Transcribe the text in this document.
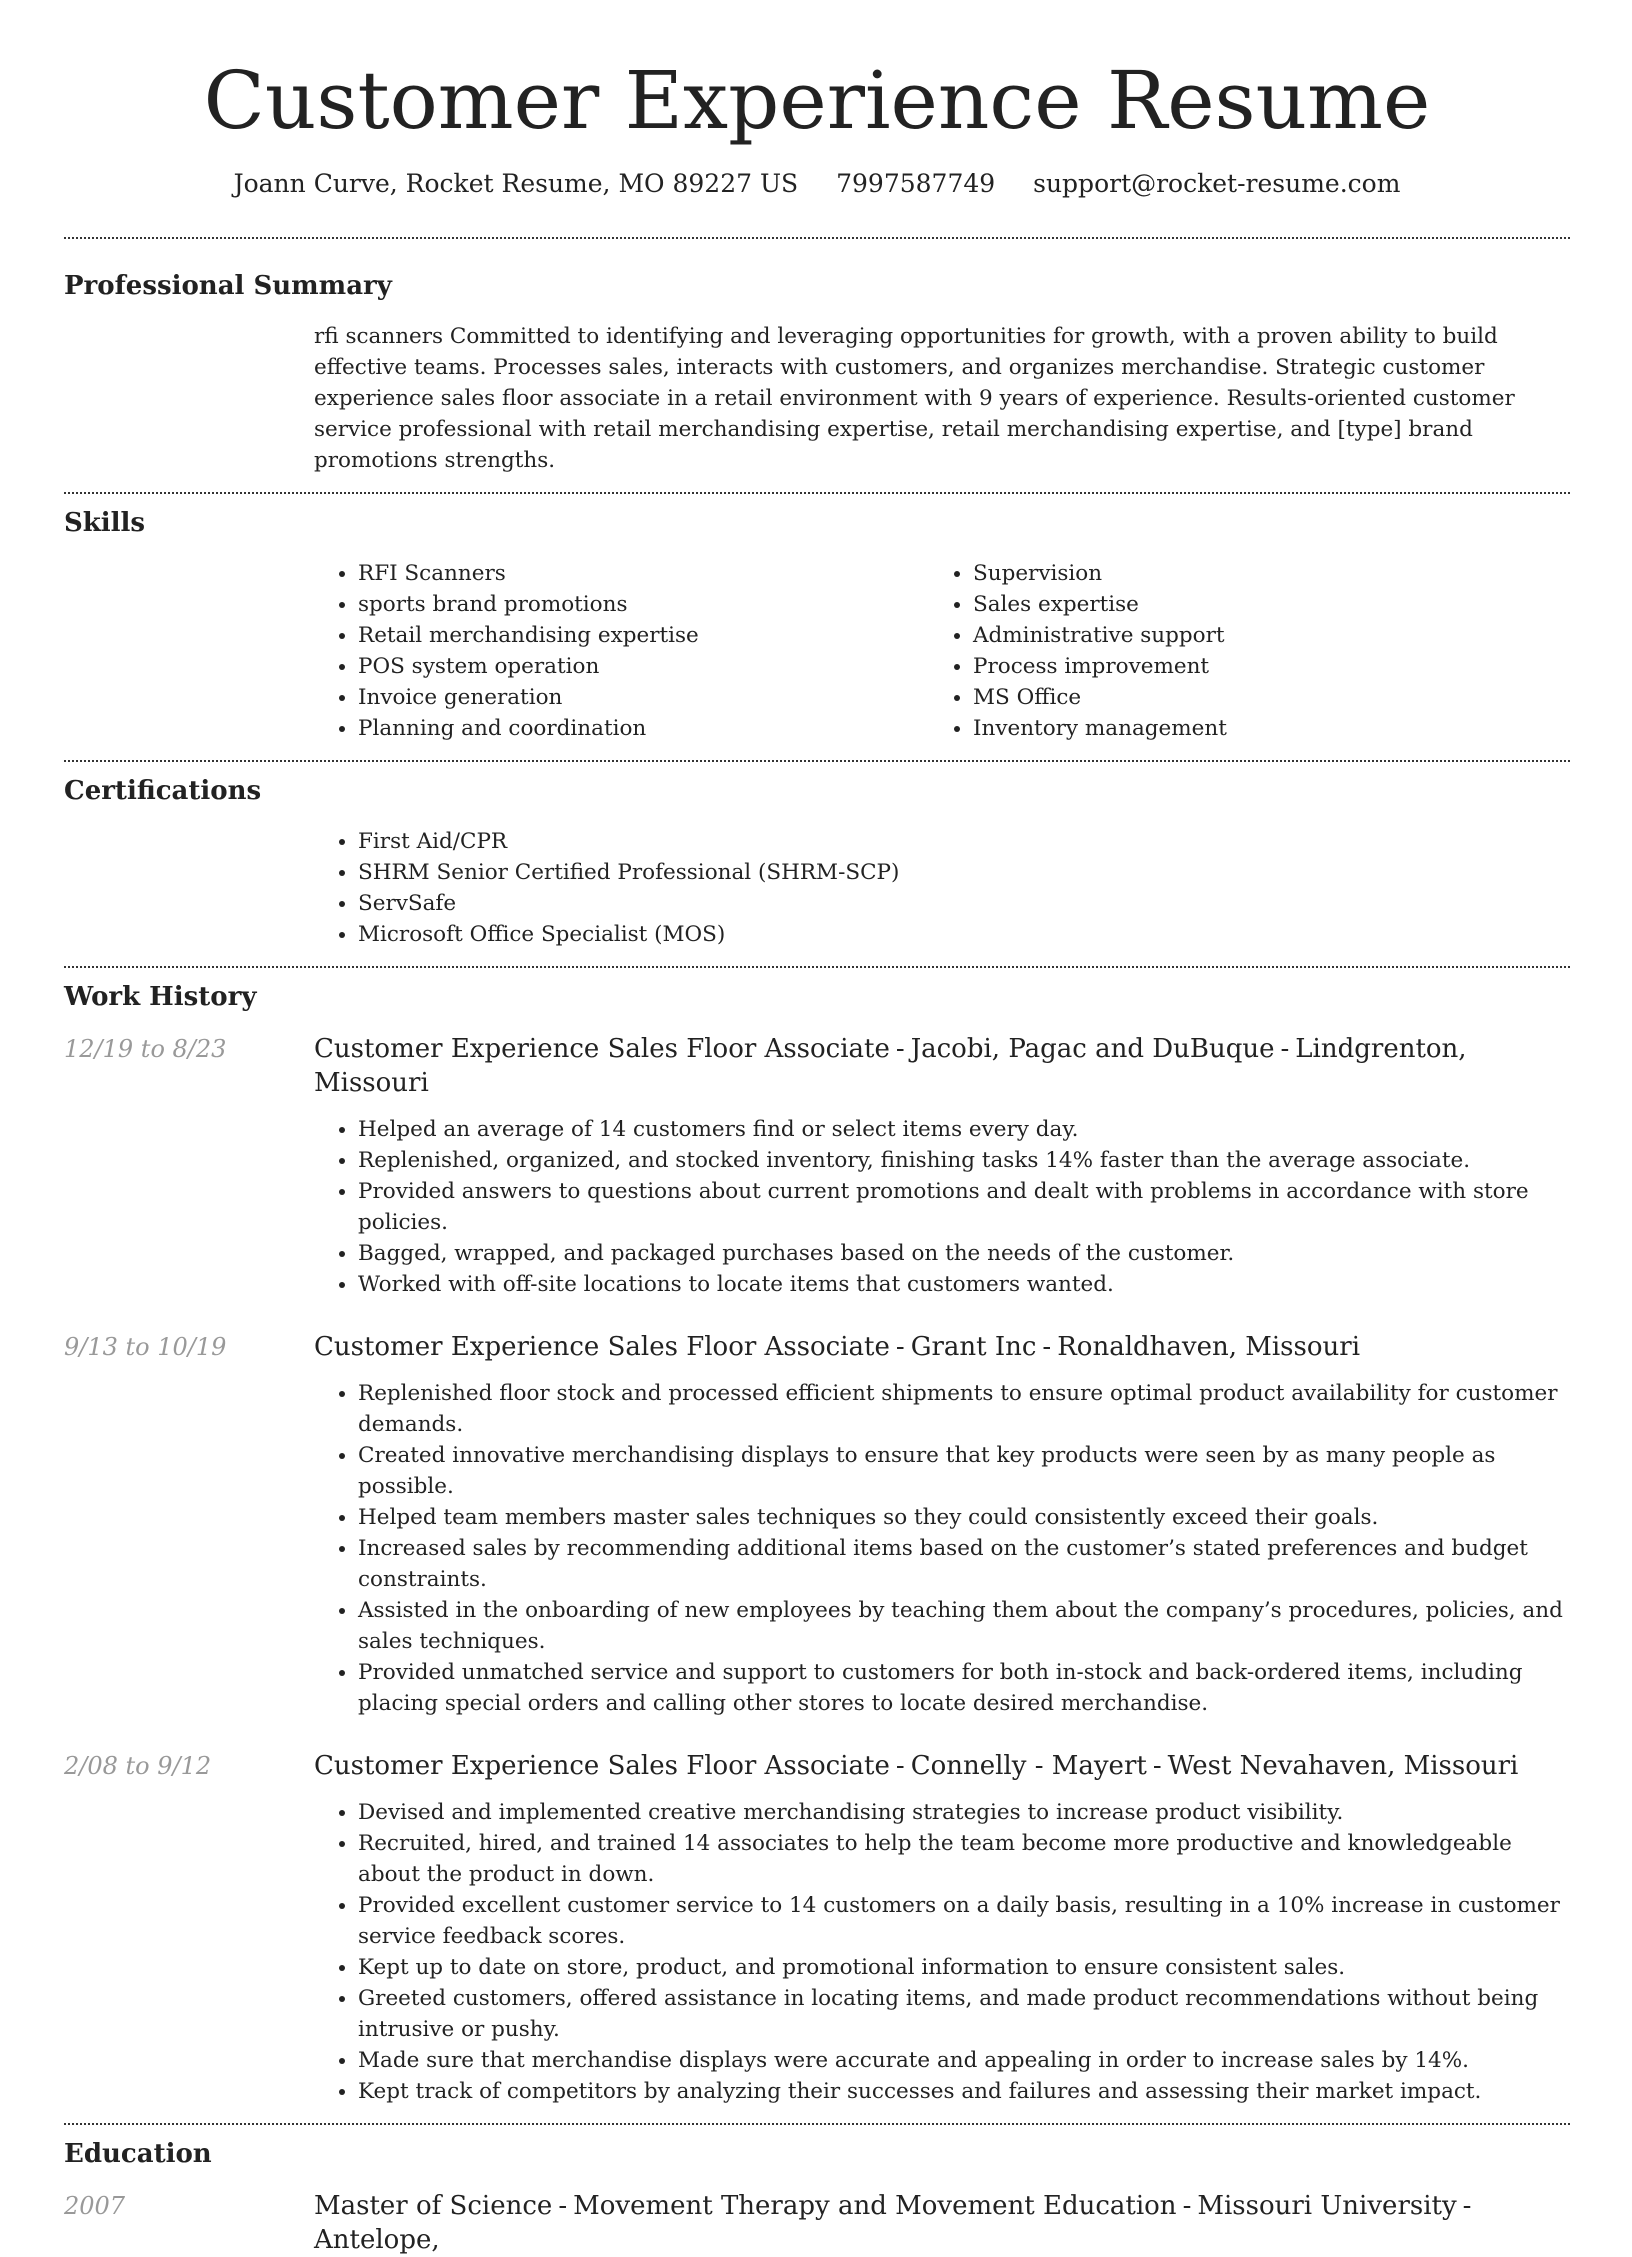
Customer Experience Resume
Joann Curve, Rocket Resume, MO 89227 US 7997587749 support@rocket-resume.com
Professional Summary

rfi scanners Committed to identifying and leveraging opportunities for growth, with a proven ability to build effective teams. Processes sales, interacts with customers, and organizes merchandise. Strategic customer experience sales floor associate in a retail environment with 9 years of experience. Results-oriented customer service professional with retail merchandising expertise, retail merchandising expertise, and [type] brand promotions strengths.

Skills
• RFI Scanners
• sports brand promotions
• Retail merchandising expertise
• POS system operation
• Invoice generation
• Planning and coordination
• Supervision
• Sales expertise
• Administrative support
• Process improvement
• MS Office
• Inventory management
Certifications
• First Aid/CPR
• SHRM Senior Certified Professional (SHRM-SCP)
• ServSafe
• Microsoft Office Specialist (MOS)
Work History
12/19 to 8/23	Customer Experience Sales Floor Associate - Jacobi, Pagac and DuBuque - Lindgrenton, Missouri
• Helped an average of 14 customers find or select items every day.
• Replenished, organized, and stocked inventory, finishing tasks 14% faster than the average associate.
• Provided answers to questions about current promotions and dealt with problems in accordance with store policies.
• Bagged, wrapped, and packaged purchases based on the needs of the customer.
• Worked with off-site locations to locate items that customers wanted.
9/13 to 10/19	Customer Experience Sales Floor Associate - Grant Inc - Ronaldhaven, Missouri
• Replenished floor stock and processed efficient shipments to ensure optimal product availability for customer demands.
• Created innovative merchandising displays to ensure that key products were seen by as many people as possible.
• Helped team members master sales techniques so they could consistently exceed their goals.
• Increased sales by recommending additional items based on the customer’s stated preferences and budget constraints.
• Assisted in the onboarding of new employees by teaching them about the company’s procedures, policies, and sales techniques.
• Provided unmatched service and support to customers for both in-stock and back-ordered items, including placing special orders and calling other stores to locate desired merchandise.
2/08 to 9/12	Customer Experience Sales Floor Associate - Connelly - Mayert - West Nevahaven, Missouri
• Devised and implemented creative merchandising strategies to increase product visibility.
• Recruited, hired, and trained 14 associates to help the team become more productive and knowledgeable about the product in down.
• Provided excellent customer service to 14 customers on a daily basis, resulting in a 10% increase in customer service feedback scores.
• Kept up to date on store, product, and promotional information to ensure consistent sales.
• Greeted customers, offered assistance in locating items, and made product recommendations without being intrusive or pushy.
• Made sure that merchandise displays were accurate and appealing in order to increase sales by 14%.
• Kept track of competitors by analyzing their successes and failures and assessing their market impact.
Education
2007	Master of Science - Movement Therapy and Movement Education - Missouri University -Antelope,
